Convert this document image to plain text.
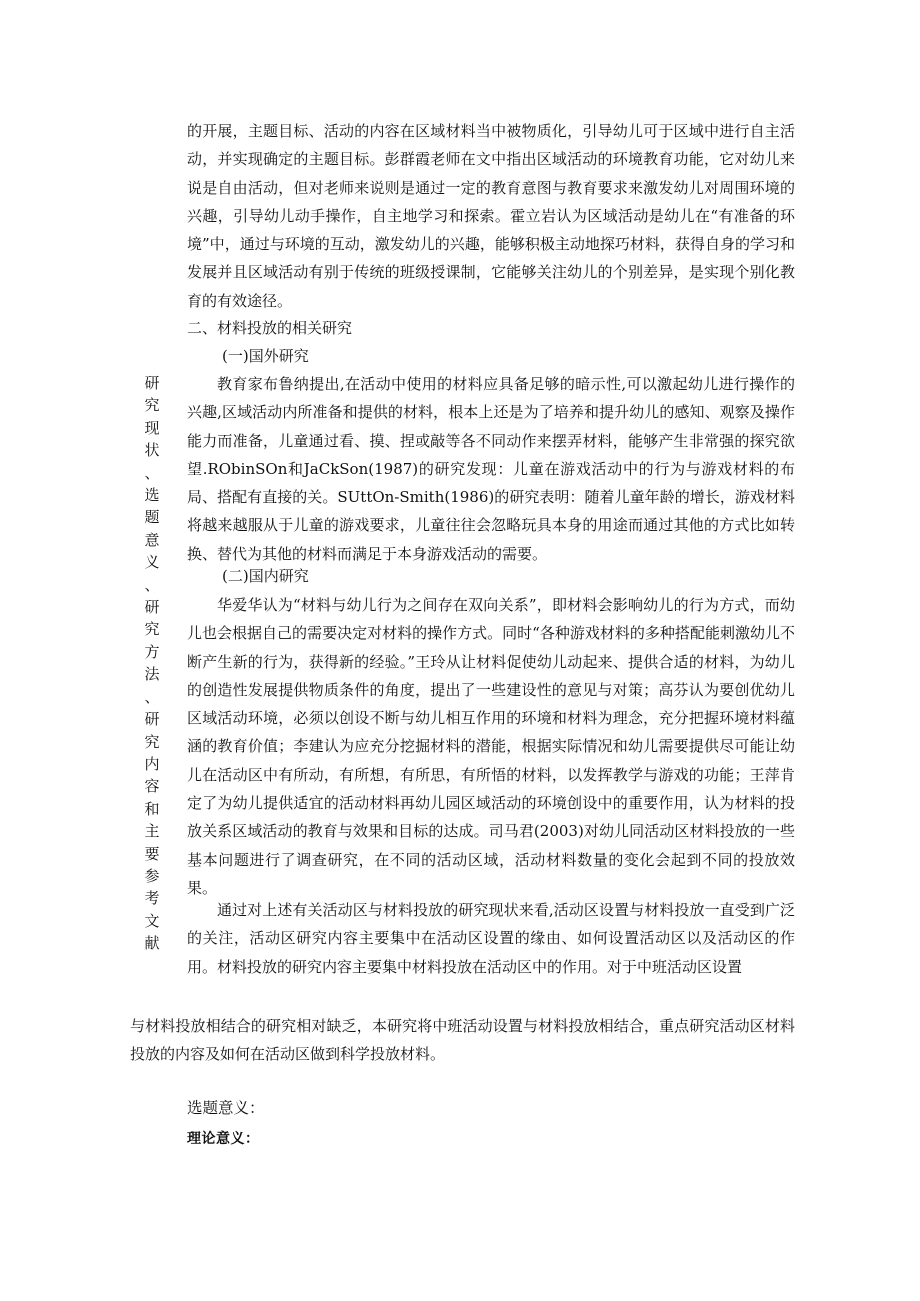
研
究
现
状
、
选
题
意
义
、
研
究
方
法
、
研
究
内
容
和
主
要
参
考
文
献

的开展，主题目标、活动的内容在区域材料当中被物质化，引导幼儿可于区域中进行自主活动，并实现确定的主题目标。彭群霞老师在文中指出区域活动的环境教育功能，它对幼儿来说是自由活动，但对老师来说则是通过一定的教育意图与教育要求来激发幼儿对周围环境的兴趣，引导幼儿动手操作，自主地学习和探索。霍立岩认为区域活动是幼儿在“有准备的环境”中，通过与环境的互动，激发幼儿的兴趣，能够积极主动地探巧材料，获得自身的学习和发展并且区域活动有别于传统的班级授课制，它能够关注幼儿的个别差异，是实现个别化教育的有效途径。

二、材料投放的相关研究
(一)国外研究

教育家布鲁纳提出,在活动中使用的材料应具备足够的暗示性,可以激起幼儿进行操作的兴趣,区域活动内所准备和提供的材料，根本上还是为了培养和提升幼儿的感知、观察及操作能力而准备，儿童通过看、摸、捏或敲等各不同动作来摆弄材料，能够产生非常强的探究欲望.RObinSOn和JaCkSon(1987)的研究发现：儿童在游戏活动中的行为与游戏材料的布局、搭配有直接的关。SUttOn-Smith(1986)的研究表明：随着儿童年龄的增长，游戏材料将越来越服从于儿童的游戏要求，儿童往往会忽略玩具本身的用途而通过其他的方式比如转换、替代为其他的材料而满足于本身游戏活动的需要。

(二)国内研究

华爱华认为“材料与幼儿行为之间存在双向关系”，即材料会影响幼儿的行为方式，而幼儿也会根据自己的需要决定对材料的操作方式。同时“各种游戏材料的多种搭配能刺激幼儿不断产生新的行为，获得新的经验。”王玲从让材料促使幼儿动起来、提供合适的材料，为幼儿的创造性发展提供物质条件的角度，提出了一些建设性的意见与对策；高芬认为要创优幼儿区域活动环境，必须以创设不断与幼儿相互作用的环境和材料为理念，充分把握环境材料蕴涵的教育价值；李建认为应充分挖掘材料的潜能，根据实际情况和幼儿需要提供尽可能让幼儿在活动区中有所动，有所想，有所思，有所悟的材料，以发挥教学与游戏的功能；王萍肯定了为幼儿提供适宜的活动材料再幼儿园区域活动的环境创设中的重要作用，认为材料的投放关系区域活动的教育与效果和目标的达成。司马君(2003)对幼儿同活动区材料投放的一些基本问题进行了调查研究，在不同的活动区域，活动材料数量的变化会起到不同的投放效果。

通过对上述有关活动区与材料投放的研究现状来看,活动区设置与材料投放一直受到广泛的关注，活动区研究内容主要集中在活动区设置的缘由、如何设置活动区以及活动区的作用。材料投放的研究内容主要集中材料投放在活动区中的作用。对于中班活动区设置

与材料投放相结合的研究相对缺乏，本研究将中班活动设置与材料投放相结合，重点研究活动区材料投放的内容及如何在活动区做到科学投放材料。

选题意义：
理论意义：
